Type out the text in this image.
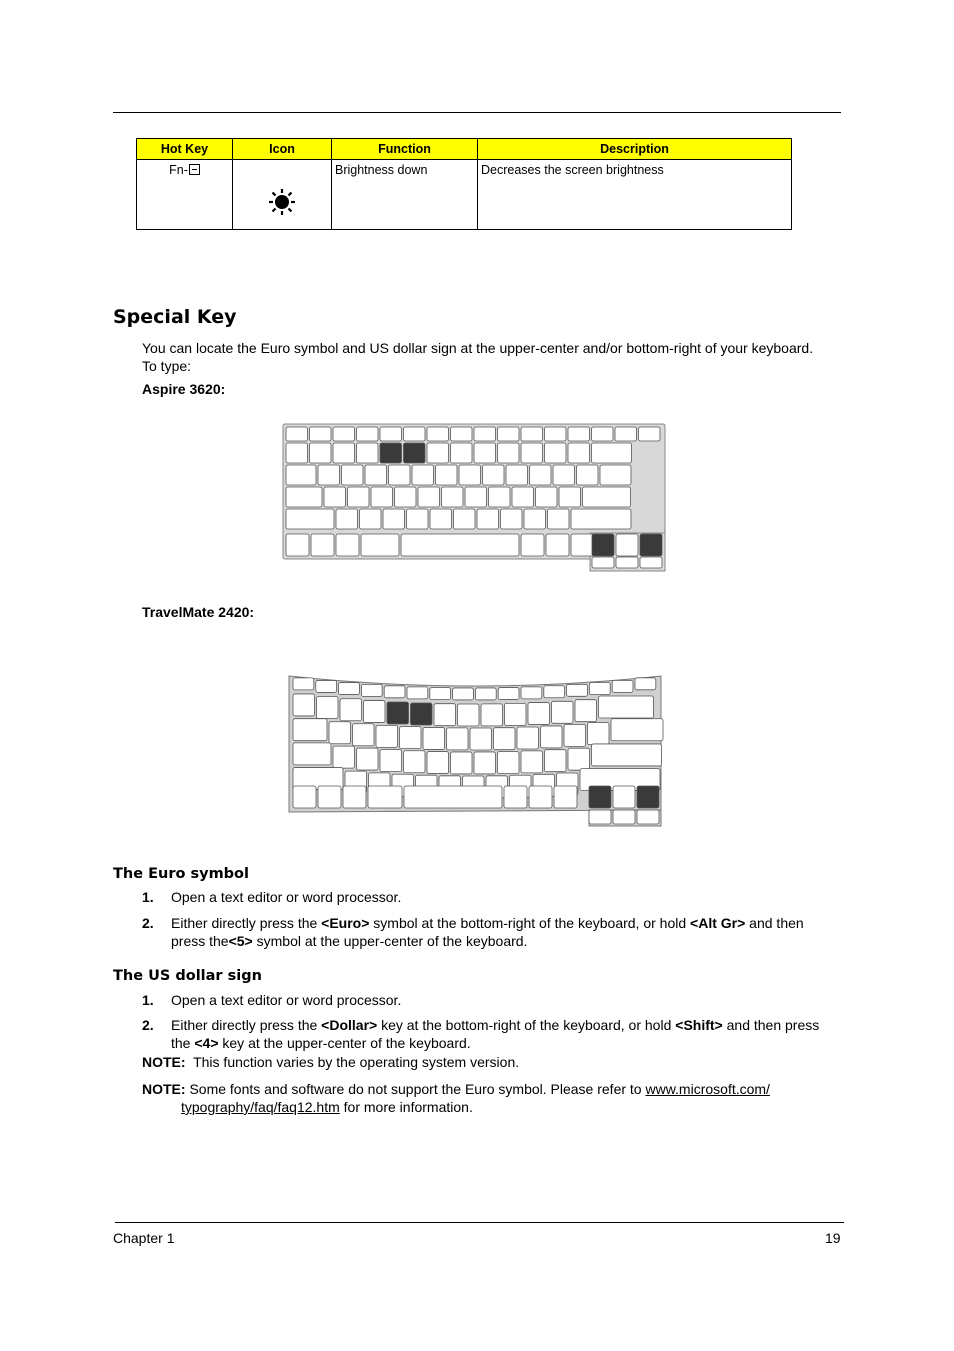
Hot Key	Icon	Function	Description

Fn-		Brightness down	Decreases the screen brightness
Special Key
You can locate the Euro symbol and US dollar sign at the upper-center and/or bottom-right of your keyboard.
To type:
Aspire 3620:
TravelMate 2420:
The Euro symbol
1. Open a text editor or word processor.
2. Either directly press the <Euro> symbol at the bottom-right of the keyboard, or hold <Alt Gr> and then
press the<5> symbol at the upper-center of the keyboard.
The US dollar sign
1. Open a text editor or word processor.
2. Either directly press the <Dollar> key at the bottom-right of the keyboard, or hold <Shift> and then press
the <4> key at the upper-center of the keyboard.
NOTE: This function varies by the operating system version.
NOTE: Some fonts and software do not support the Euro symbol. Please refer to www.microsoft.com/
typography/faq/faq12.htm for more information.
Chapter 1	19
